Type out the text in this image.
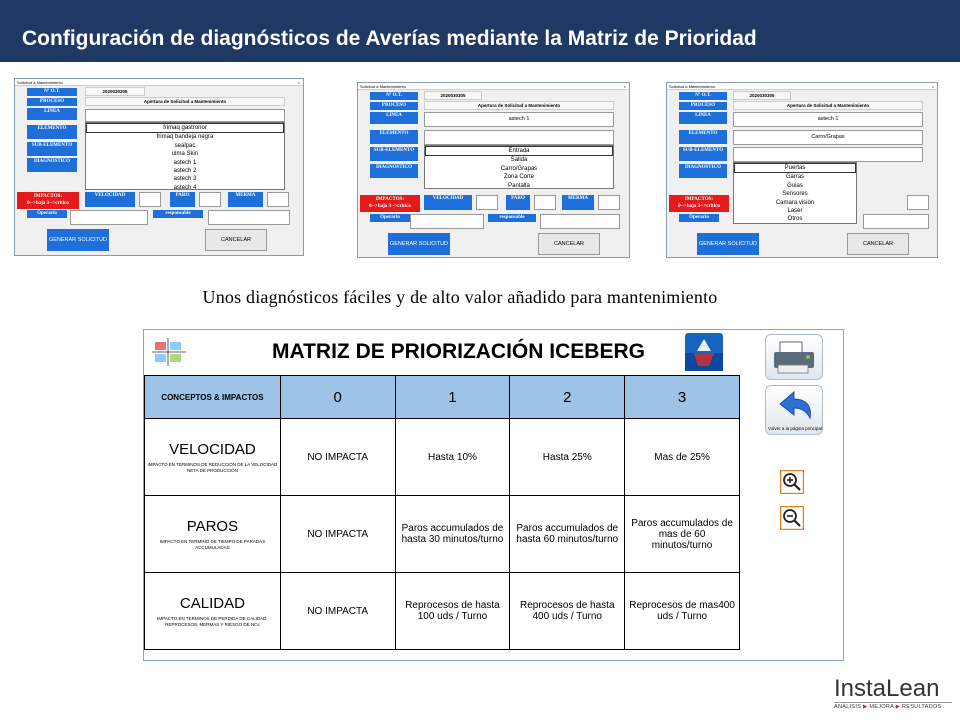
Configuración de diagnósticos de Averías mediante la Matriz de Prioridad
Solicitud a Mantenimiento	×
Nº O.T.	2020030305
PROCESO	Apertura de Solicitud a Mantenimiento
LINEA
ELEMENTO
SUB-ELEMENTO
DIAGNOSTICO
frimaq gastronor
frimaq bandeja negra
sealpac
ulma Skin
astech 1
astech 2
astech 3
astech 4
IMPACTOS:
0-->baja 3-->critico
VELOCIDAD	PARO	MERMA
Operario	responsable
GENERAR SOLICITUD	CANCELAR
Solicitud a Mantenimiento	×
Nº O.T.	2020030305
PROCESO	Apertura de Solicitud a Mantenimiento
LINEA
astech 1
ELEMENTO
SUB-ELEMENTO
DIAGNOSTICO
Entrada
Salida
Carro/Grapas
Zona Corte
Pantalla
IMPACTOS:
0-->baja 3-->critico
VELOCIDAD	PARO	MERMA
Operario	responsable
GENERAR SOLICITUD	CANCELAR
Solicitud a Mantenimiento	×
Nº O.T.	2020030305
PROCESO	Apertura de Solicitud a Mantenimiento
LINEA
astech 1
ELEMENTO
Carro/Grapas
SUB-ELEMENTO
DIAGNOSTICO	Puertas
Garras
Guias
Sensores
Camara visión
Laser
Otros
IMPACTOS:
0-->baja 3-->critico
Operario
GENERAR SOLICITUD	CANCELAR
Unos diagnósticos fáciles y de alto valor añadido para mantenimiento
MATRIZ DE PRIORIZACIÓN ICEBERG
CONCEPTOS & IMPACTOS	0	1	2	3

VELOCIDAD
IMPACTO EN TERMINOS DE REDUCCIÓN DE LA VELOCIDAD NETA DE PRODUCCIÓN	NO IMPACTA	Hasta 10%	Hasta 25%	Mas de 25%

PAROS
IMPACTO EN TERMINO DE TIEMPO DE PARADAS ACCUMULADAS	NO IMPACTA	Paros accumulados de hasta 30 minutos/turno	Paros accumulados de hasta 60 minutos/turno	Paros accumulados de mas de 60 minutos/turno

CALIDAD
IMPACTO EN TERMINOS DE PERDIDA DE CALIDAD, REPROCESOS, MERMAS Y RIESGO DE NCs	NO IMPACTA	Reprocesos de hasta 100 uds / Turno	Reprocesos de hasta 400 uds / Turno	Reprocesos de mas400 uds / Turno
Volver a la página principal
InstaLean
ANÁLISIS ▶ MEJORA ▶ RESULTADOS
